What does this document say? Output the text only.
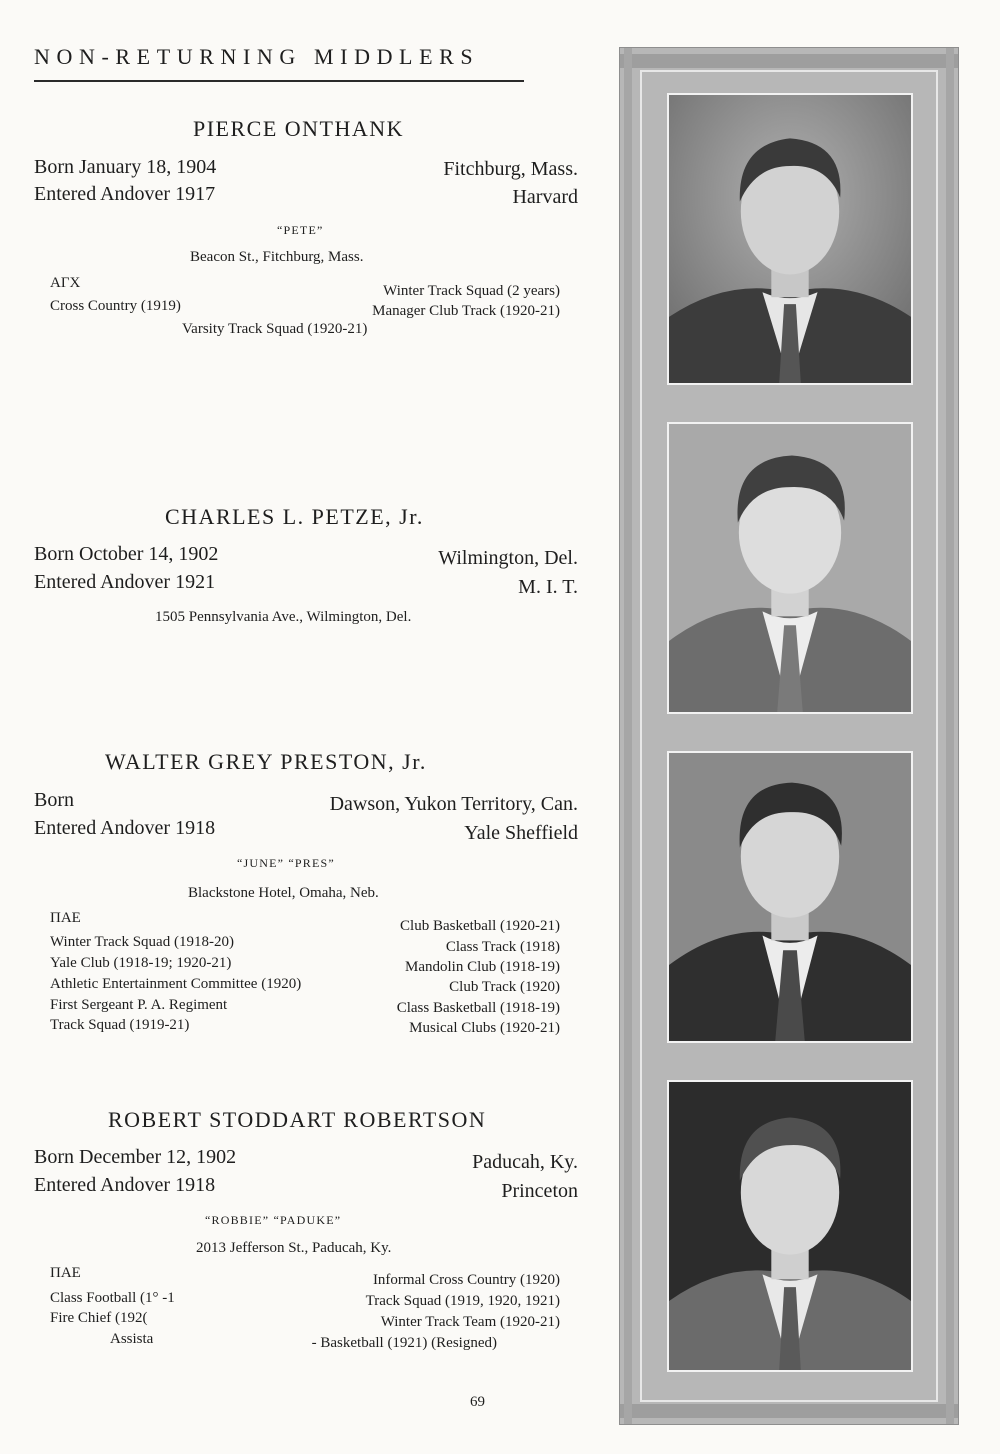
NON-RETURNING MIDDLERS
PIERCE ONTHANK
Born January 18, 1904	Fitchburg, Mass.
Entered Andover 1917	Harvard
“PETE”
Beacon St., Fitchburg, Mass.
ΑΓΧ	Winter Track Squad (2 years)
Cross Country (1919)	Manager Club Track (1920-21)
Varsity Track Squad (1920-21)
CHARLES L. PETZE, Jr.
Born October 14, 1902	Wilmington, Del.
Entered Andover 1921	M. I. T.
1505 Pennsylvania Ave., Wilmington, Del.
WALTER GREY PRESTON, Jr.
Born	Dawson, Yukon Territory, Can.
Entered Andover 1918	Yale Sheffield
“JUNE” “PRES”
Blackstone Hotel, Omaha, Neb.
ΠΑΕ
Winter Track Squad (1918-20)
Yale Club (1918-19; 1920-21)
Athletic Entertainment Committee (1920)
First Sergeant P. A. Regiment
Track Squad (1919-21)
Club Basketball (1920-21)
Class Track (1918)
Mandolin Club (1918-19)
Club Track (1920)
Class Basketball (1918-19)
Musical Clubs (1920-21)
ROBERT STODDART ROBERTSON
Born December 12, 1902	Paducah, Ky.
Entered Andover 1918	Princeton
“ROBBIE” “PADUKE”
2013 Jefferson St., Paducah, Ky.
ΠΑΕ
Class Football (1° -1
Fire Chief (192(
Assista
Informal Cross Country (1920)
Track Squad (1919, 1920, 1921)
Winter Track Team (1920-21)
- Basketball (1921) (Resigned)
69
